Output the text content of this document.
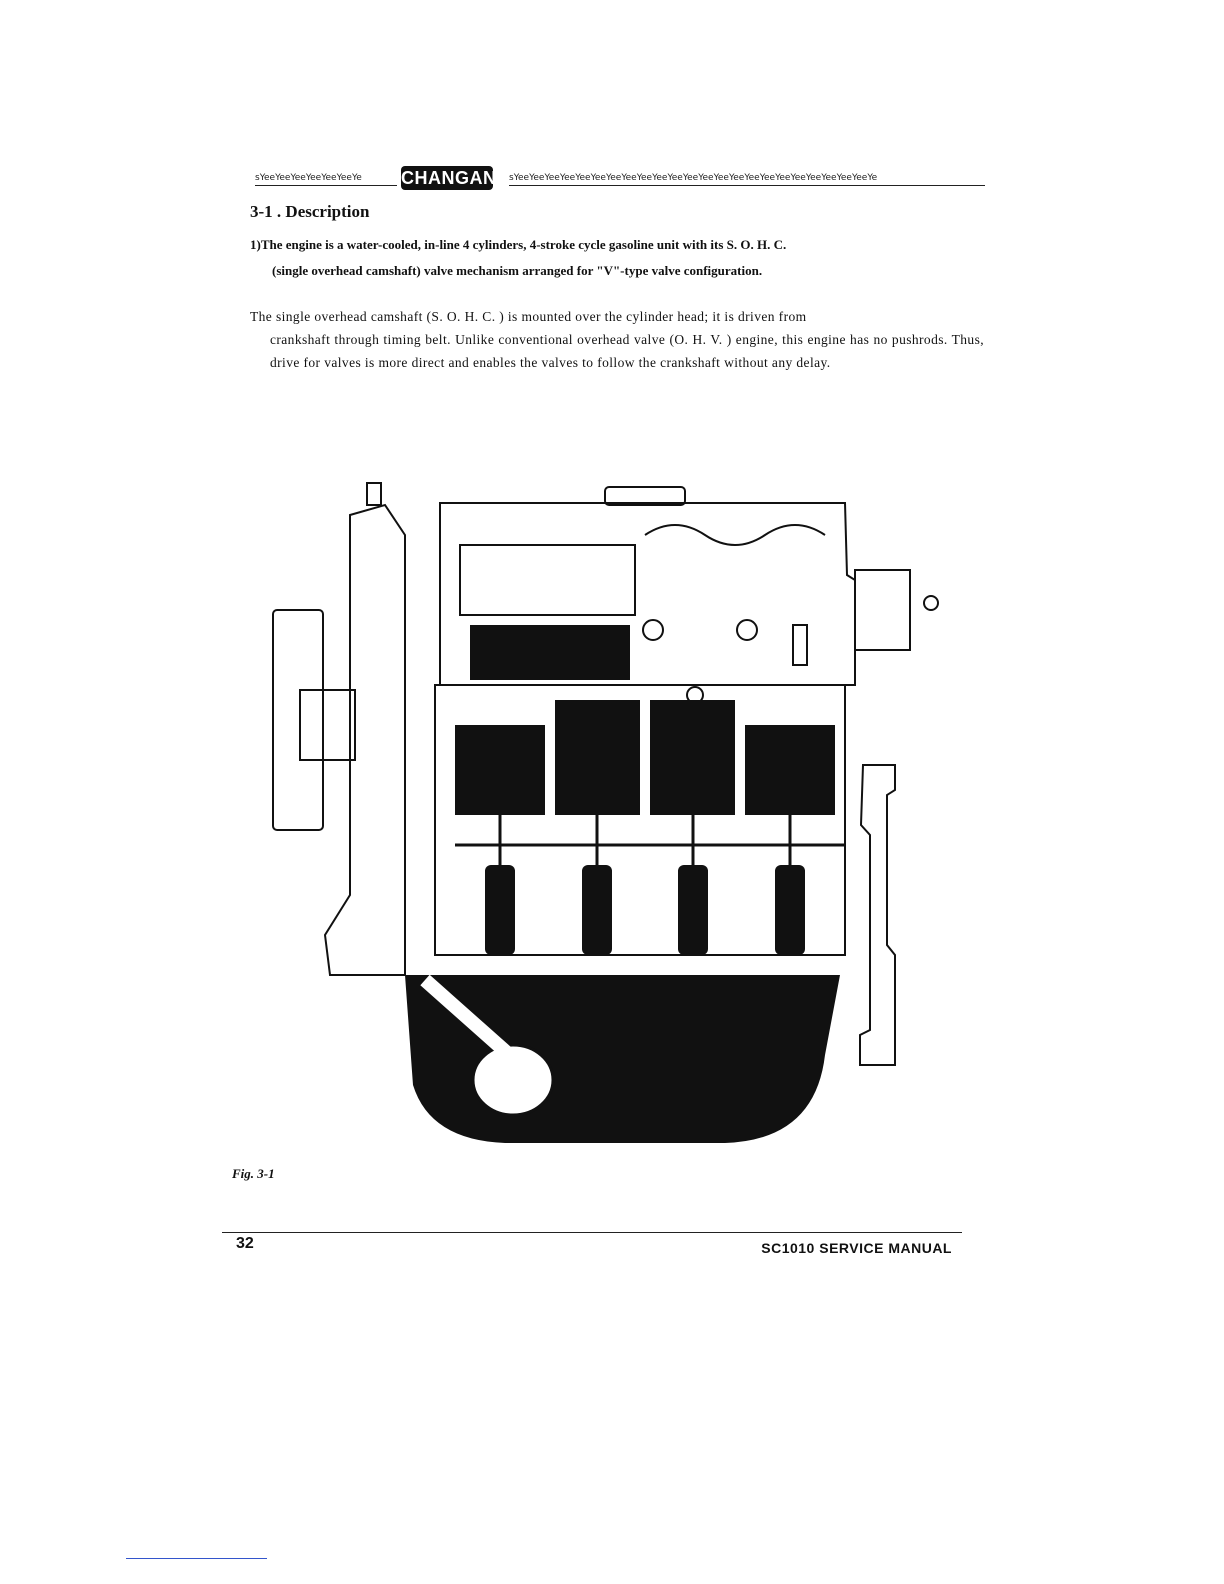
sYeeYeeYeeYeeYeeYeeYe	CHANGAN sYeeYeeYeeYeeYeeYeeYeeYeeYeeYeeYeeYeeYeeYeeYeeYeeYeeYeeYeeYeeYeeYeeYeeYe
3-1 . Description
1)The engine is a water-cooled, in-line 4 cylinders, 4-stroke cycle gasoline unit with its S. O. H. C.
(single overhead camshaft) valve mechanism arranged for "V"-type valve configuration.
The single overhead camshaft (S. O. H. C. ) is mounted over the cylinder head; it is driven from
crankshaft through timing belt. Unlike conventional overhead valve (O. H. V. ) engine, this engine has no pushrods. Thus, drive for valves is more direct and enables the valves to follow the crankshaft without any delay.
Fig. 3-1
32	SC1010 SERVICE MANUAL
